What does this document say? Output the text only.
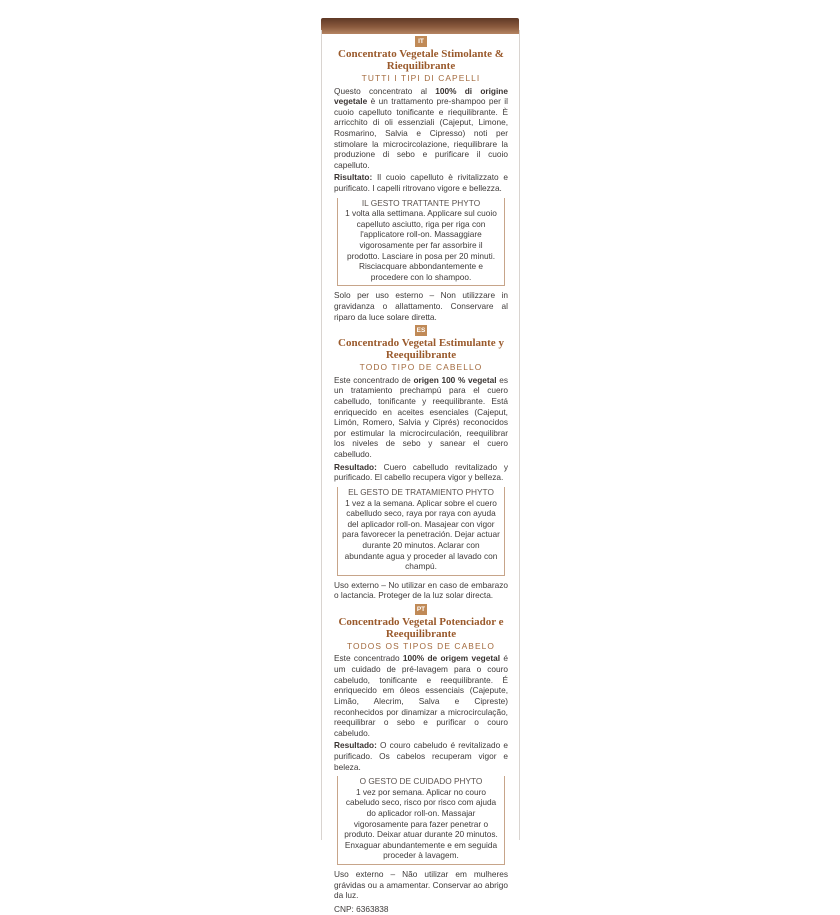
IT
Concentrato Vegetale Stimolante & Riequilibrante
TUTTI I TIPI DI CAPELLI

Questo concentrato al 100% di origine vegetale è un trattamento pre-shampoo per il cuoio capelluto tonificante e riequilibrante. È arricchito di oli essenziali (Cajeput, Limone, Rosmarino, Salvia e Cipresso) noti per stimolare la microcircolazione, riequilibrare la produzione di sebo e purificare il cuoio capelluto.

Risultato: Il cuoio capelluto è rivitalizzato e purificato. I capelli ritrovano vigore e bellezza.

IL GESTO TRATTANTE PHYTO
1 volta alla settimana. Applicare sul cuoio capelluto asciutto, riga per riga con l'applicatore roll-on. Massaggiare vigorosamente per far assorbire il prodotto. Lasciare in posa per 20 minuti. Risciacquare abbondantemente e procedere con lo shampoo.

Solo per uso esterno – Non utilizzare in gravidanza o allattamento. Conservare al riparo da luce solare diretta.

ES
Concentrado Vegetal Estimulante y Reequilibrante
TODO TIPO DE CABELLO

Este concentrado de origen 100 % vegetal es un tratamiento prechampú para el cuero cabelludo, tonificante y reequilibrante. Está enriquecido en aceites esenciales (Cajeput, Limón, Romero, Salvia y Ciprés) reconocidos por estimular la microcirculación, reequilibrar los niveles de sebo y sanear el cuero cabelludo.

Resultado: Cuero cabelludo revitalizado y purificado. El cabello recupera vigor y belleza.

EL GESTO DE TRATAMIENTO PHYTO
1 vez a la semana. Aplicar sobre el cuero cabelludo seco, raya por raya con ayuda del aplicador roll-on. Masajear con vigor para favorecer la penetración. Dejar actuar durante 20 minutos. Aclarar con abundante agua y proceder al lavado con champú.

Uso externo – No utilizar en caso de embarazo o lactancia. Proteger de la luz solar directa.

PT
Concentrado Vegetal Potenciador e Reequilibrante
TODOS OS TIPOS DE CABELO

Este concentrado 100% de origem vegetal é um cuidado de pré-lavagem para o couro cabeludo, tonificante e reequilibrante. É enriquecido em óleos essenciais (Cajepute, Limão, Alecrim, Salva e Cipreste) reconhecidos por dinamizar a microcirculação, reequilibrar o sebo e purificar o couro cabeludo.

Resultado: O couro cabeludo é revitalizado e purificado. Os cabelos recuperam vigor e beleza.

O GESTO DE CUIDADO PHYTO
1 vez por semana. Aplicar no couro cabeludo seco, risco por risco com ajuda do aplicador roll-on. Massajar vigorosamente para fazer penetrar o produto. Deixar atuar durante 20 minutos. Enxaguar abundantemente e em seguida proceder à lavagem.

Uso externo – Não utilizar em mulheres grávidas ou a amamentar. Conservar ao abrigo da luz.

CNP: 6363838
